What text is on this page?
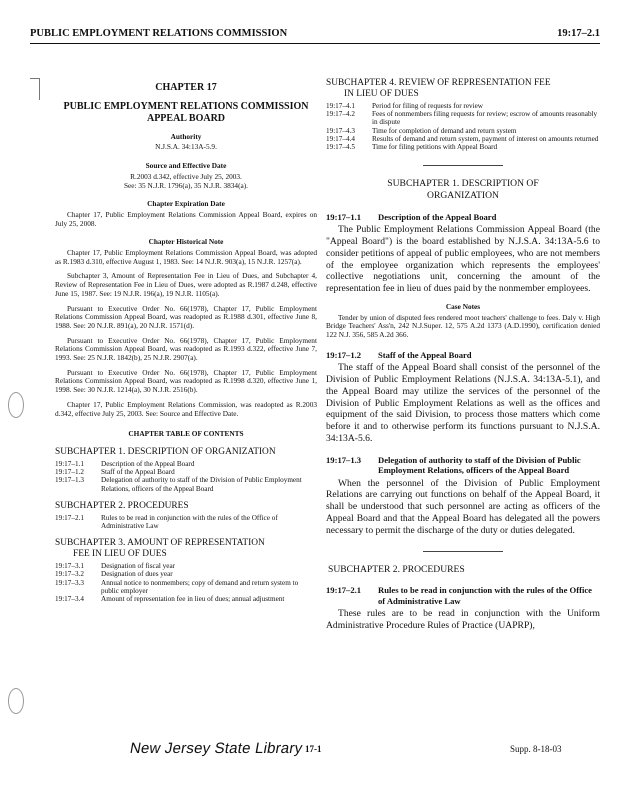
PUBLIC EMPLOYMENT RELATIONS COMMISSION	19:17–2.1
CHAPTER 17
PUBLIC EMPLOYMENT RELATIONS COMMISSION APPEAL BOARD
Authority
N.J.S.A. 34:13A-5.9.
Source and Effective Date
R.2003 d.342, effective July 25, 2003.
See: 35 N.J.R. 1796(a), 35 N.J.R. 3834(a).
Chapter Expiration Date
Chapter 17, Public Employment Relations Commission Appeal Board, expires on July 25, 2008.
Chapter Historical Note
Chapter 17, Public Employment Relations Commission Appeal Board, was adopted as R.1983 d.310, effective August 1, 1983. See: 14 N.J.R. 903(a), 15 N.J.R. 1257(a).
Subchapter 3, Amount of Representation Fee in Lieu of Dues, and Subchapter 4, Review of Representation Fee in Lieu of Dues, were adopted as R.1987 d.248, effective June 15, 1987. See: 19 N.J.R. 196(a), 19 N.J.R. 1105(a).
Pursuant to Executive Order No. 66(1978), Chapter 17, Public Employment Relations Commission Appeal Board, was readopted as R.1988 d.301, effective June 8, 1988. See: 20 N.J.R. 891(a), 20 N.J.R. 1571(d).
Pursuant to Executive Order No. 66(1978), Chapter 17, Public Employment Relations Commission Appeal Board, was readopted as R.1993 d.322, effective June 7, 1993. See: 25 N.J.R. 1842(b), 25 N.J.R. 2907(a).
Pursuant to Executive Order No. 66(1978), Chapter 17, Public Employment Relations Commission Appeal Board, was readopted as R.1998 d.320, effective June 1, 1998. See: 30 N.J.R. 1214(a), 30 N.J.R. 2516(b).
Chapter 17, Public Employment Relations Commission, was readopted as R.2003 d.342, effective July 25, 2003. See: Source and Effective Date.
CHAPTER TABLE OF CONTENTS
SUBCHAPTER 1. DESCRIPTION OF ORGANIZATION
19:17–1.1	Description of the Appeal Board
19:17–1.2	Staff of the Appeal Board
19:17–1.3	Delegation of authority to staff of the Division of Public Employment Relations, officers of the Appeal Board
SUBCHAPTER 2. PROCEDURES
19:17–2.1	Rules to be read in conjunction with the rules of the Office of Administrative Law
SUBCHAPTER 3. AMOUNT OF REPRESENTATION
FEE IN LIEU OF DUES
19:17–3.1	Designation of fiscal year
19:17–3.2	Designation of dues year
19:17–3.3	Annual notice to nonmembers; copy of demand and return system to public employer
19:17–3.4	Amount of representation fee in lieu of dues; annual adjustment
SUBCHAPTER 4. REVIEW OF REPRESENTATION FEE
IN LIEU OF DUES
19:17–4.1	Period for filing of requests for review
19:17–4.2	Fees of nonmembers filing requests for review; escrow of amounts reasonably in dispute
19:17–4.3	Time for completion of demand and return system
19:17–4.4	Results of demand and return system, payment of interest on amounts returned
19:17–4.5	Time for filing petitions with Appeal Board
SUBCHAPTER 1. DESCRIPTION OF
ORGANIZATION
19:17–1.1	Description of the Appeal Board
The Public Employment Relations Commission Appeal Board (the "Appeal Board") is the board established by N.J.S.A. 34:13A-5.6 to consider petitions of appeal of public employees, who are not members of the employee organization which represents the employees' collective negotiations unit, concerning the amount of the representation fee in lieu of dues paid by the nonmember employees.
Case Notes
Tender by union of disputed fees rendered moot teachers' challenge to fees. Daly v. High Bridge Teachers' Ass'n, 242 N.J.Super. 12, 575 A.2d 1373 (A.D.1990), certification denied 122 N.J. 356, 585 A.2d 366.
19:17–1.2	Staff of the Appeal Board
The staff of the Appeal Board shall consist of the personnel of the Division of Public Employment Relations (N.J.S.A. 34:13A-5.1), and the Appeal Board may utilize the services of the personnel of the Division of Public Employment Relations as well as the offices and equipment of the said Division, to process those matters which come before it and to otherwise perform its functions pursuant to N.J.S.A. 34:13A-5.6.
19:17–1.3	Delegation of authority to staff of the Division of Public Employment Relations, officers of the Appeal Board
When the personnel of the Division of Public Employment Relations are carrying out functions on behalf of the Appeal Board, it shall be understood that such personnel are acting as officers of the Appeal Board and that the Appeal Board has delegated all the powers necessary to permit the discharge of the duty or duties delegated.
SUBCHAPTER 2. PROCEDURES
19:17–2.1	Rules to be read in conjunction with the rules of the Office of Administrative Law
These rules are to be read in conjunction with the Uniform Administrative Procedure Rules of Practice (UAPRP),
New Jersey State Library 17-1	Supp. 8-18-03
